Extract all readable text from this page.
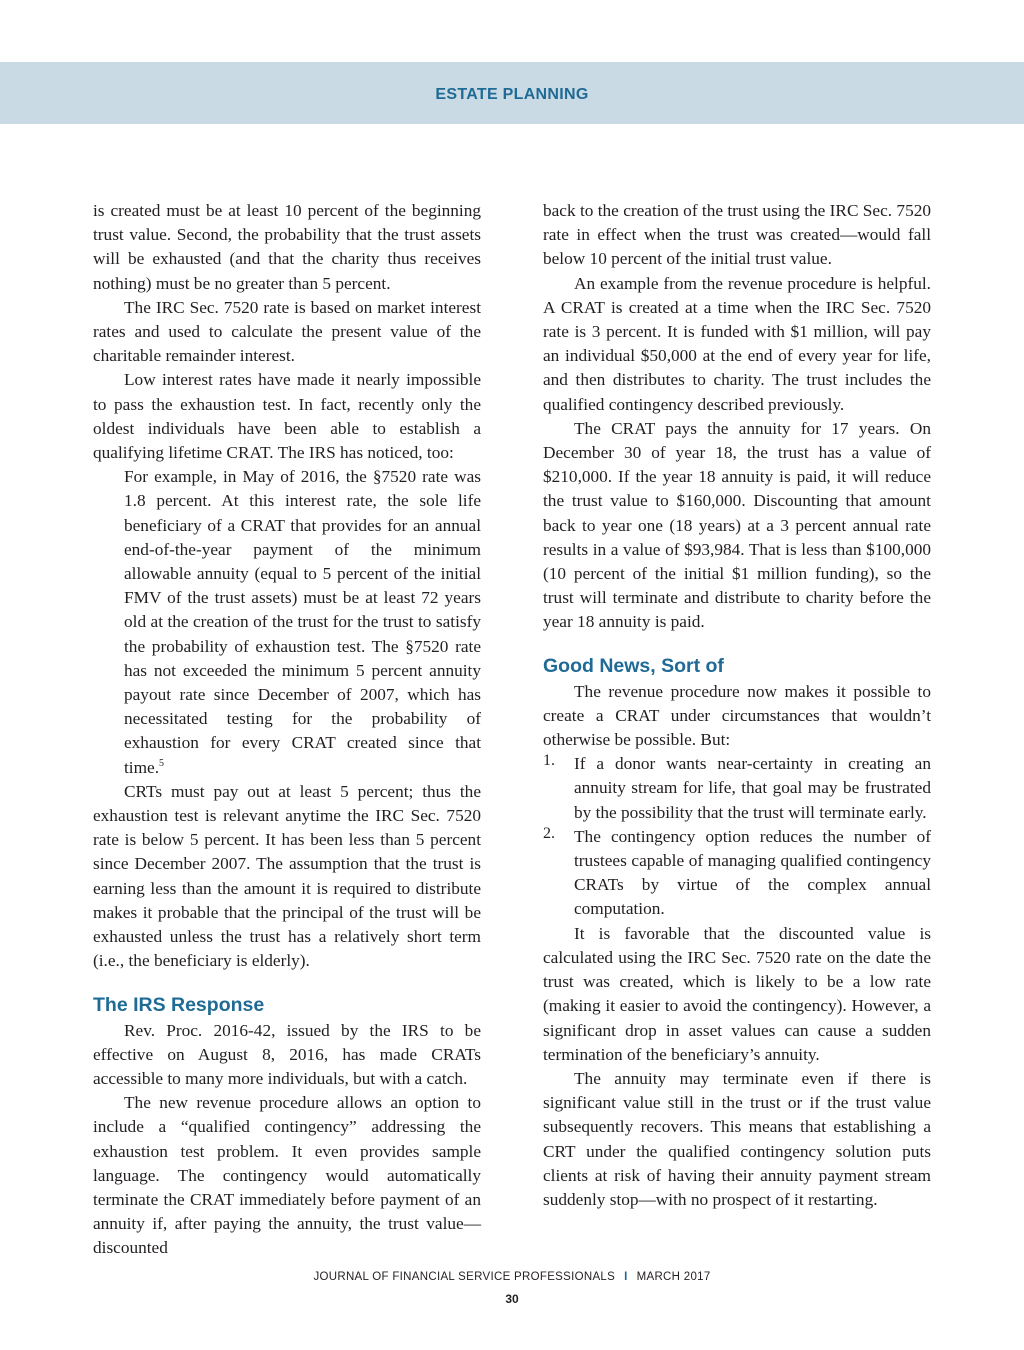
ESTATE PLANNING

is created must be at least 10 percent of the beginning trust value. Second, the probability that the trust assets will be exhausted (and that the charity thus receives nothing) must be no greater than 5 percent.

The IRC Sec. 7520 rate is based on market interest rates and used to calculate the present value of the charitable remainder interest.

Low interest rates have made it nearly impossible to pass the exhaustion test. In fact, recently only the oldest individuals have been able to establish a qualifying lifetime CRAT. The IRS has noticed, too:

For example, in May of 2016, the §7520 rate was 1.8 percent. At this interest rate, the sole life beneficiary of a CRAT that provides for an annual end-of-the-year payment of the minimum allowable annuity (equal to 5 percent of the initial FMV of the trust assets) must be at least 72 years old at the creation of the trust for the trust to satisfy the probability of exhaustion test. The §7520 rate has not exceeded the minimum 5 percent annuity payout rate since December of 2007, which has necessitated testing for the probability of exhaustion for every CRAT created since that time.$^5$

CRTs must pay out at least 5 percent; thus the exhaustion test is relevant anytime the IRC Sec. 7520 rate is below 5 percent. It has been less than 5 percent since December 2007. The assumption that the trust is earning less than the amount it is required to distribute makes it probable that the principal of the trust will be exhausted unless the trust has a relatively short term (i.e., the beneficiary is elderly).

The IRS Response

Rev. Proc. 2016-42, issued by the IRS to be effective on August 8, 2016, has made CRATs accessible to many more individuals, but with a catch.

The new revenue procedure allows an option to include a “qualified contingency” addressing the exhaustion test problem. It even provides sample language. The contingency would automatically terminate the CRAT immediately before payment of an annuity if, after paying the annuity, the trust value—discounted

back to the creation of the trust using the IRC Sec. 7520 rate in effect when the trust was created—would fall below 10 percent of the initial trust value.

An example from the revenue procedure is helpful. A CRAT is created at a time when the IRC Sec. 7520 rate is 3 percent. It is funded with $1 million, will pay an individual $50,000 at the end of every year for life, and then distributes to charity. The trust includes the qualified contingency described previously.

The CRAT pays the annuity for 17 years. On December 30 of year 18, the trust has a value of $210,000. If the year 18 annuity is paid, it will reduce the trust value to $160,000. Discounting that amount back to year one (18 years) at a 3 percent annual rate results in a value of $93,984. That is less than $100,000 (10 percent of the initial $1 million funding), so the trust will terminate and distribute to charity before the year 18 annuity is paid.

Good News, Sort of

The revenue procedure now makes it possible to create a CRAT under circumstances that wouldn’t otherwise be possible. But:

1. If a donor wants near-certainty in creating an annuity stream for life, that goal may be frustrated by the possibility that the trust will terminate early.

2. The contingency option reduces the number of trustees capable of managing qualified contingency CRATs by virtue of the complex annual computation.

It is favorable that the discounted value is calculated using the IRC Sec. 7520 rate on the date the trust was created, which is likely to be a low rate (making it easier to avoid the contingency). However, a significant drop in asset values can cause a sudden termination of the beneficiary’s annuity.

The annuity may terminate even if there is significant value still in the trust or if the trust value subsequently recovers. This means that establishing a CRT under the qualified contingency solution puts clients at risk of having their annuity payment stream suddenly stop—with no prospect of it restarting.

JOURNAL OF FINANCIAL SERVICE PROFESSIONALS I MARCH 2017
30
